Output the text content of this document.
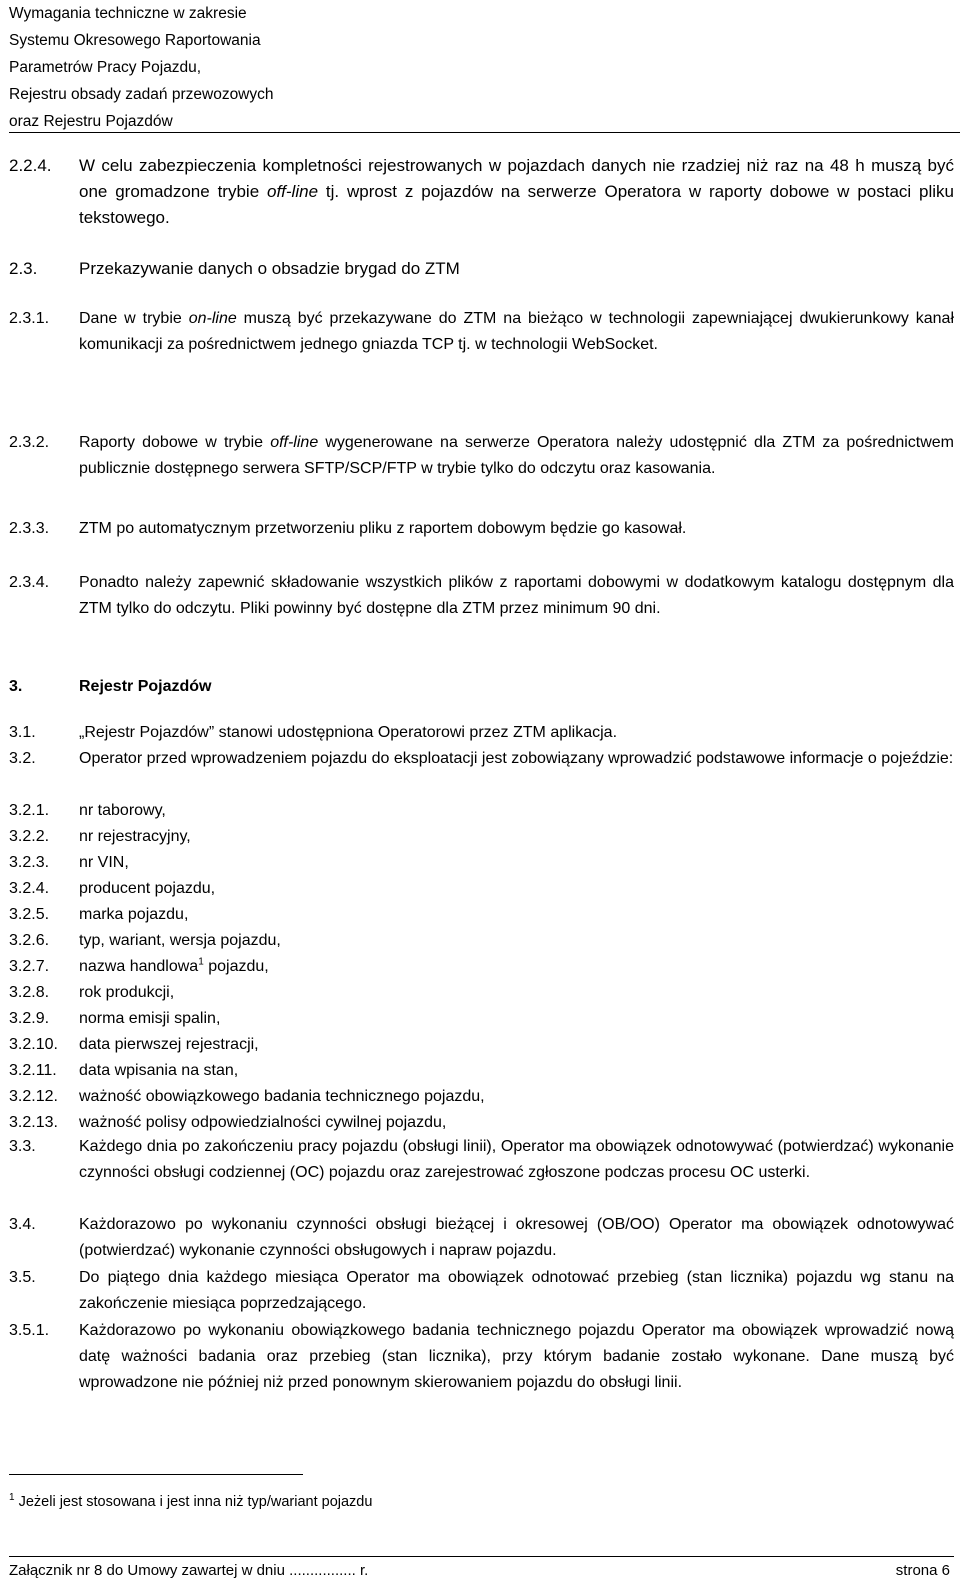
Wymagania techniczne w zakresie
Systemu Okresowego Raportowania
Parametrów Pracy Pojazdu,
Rejestru obsady zadań przewozowych
oraz Rejestru Pojazdów
2.2.4. W celu zabezpieczenia kompletności rejestrowanych w pojazdach danych nie rzadziej niż raz na 48 h muszą być one gromadzone trybie off-line tj. wprost z pojazdów na serwerze Operatora w raporty dobowe w postaci pliku tekstowego.
2.3. Przekazywanie danych o obsadzie brygad do ZTM
2.3.1. Dane w trybie on-line muszą być przekazywane do ZTM na bieżąco w technologii zapewniającej dwukierunkowy kanał komunikacji za pośrednictwem jednego gniazda TCP tj. w technologii WebSocket.
2.3.2. Raporty dobowe w trybie off-line wygenerowane na serwerze Operatora należy udostępnić dla ZTM za pośrednictwem publicznie dostępnego serwera SFTP/SCP/FTP w trybie tylko do odczytu oraz kasowania.
2.3.3. ZTM po automatycznym przetworzeniu pliku z raportem dobowym będzie go kasował.
2.3.4. Ponadto należy zapewnić składowanie wszystkich plików z raportami dobowymi w dodatkowym katalogu dostępnym dla ZTM tylko do odczytu. Pliki powinny być dostępne dla ZTM przez minimum 90 dni.
3.	Rejestr Pojazdów
3.1.	„Rejestr Pojazdów” stanowi udostępniona Operatorowi przez ZTM aplikacja.
3.2.	Operator przed wprowadzeniem pojazdu do eksploatacji jest zobowiązany wprowadzić podstawowe informacje o pojeździe:
3.2.1. nr taborowy,
3.2.2. nr rejestracyjny,
3.2.3. nr VIN,
3.2.4. producent pojazdu,
3.2.5. marka pojazdu,
3.2.6. typ, wariant, wersja pojazdu,
3.2.7. nazwa handlowa$^1$ pojazdu,
3.2.8. rok produkcji,
3.2.9. norma emisji spalin,
3.2.10. data pierwszej rejestracji,
3.2.11. data wpisania na stan,
3.2.12. ważność obowiązkowego badania technicznego pojazdu,
3.2.13. ważność polisy odpowiedzialności cywilnej pojazdu,
3.3.	Każdego dnia po zakończeniu pracy pojazdu (obsługi linii), Operator ma obowiązek odnotowywać (potwierdzać) wykonanie czynności obsługi codziennej (OC) pojazdu oraz zarejestrować zgłoszone podczas procesu OC usterki.
3.4.	Każdorazowo po wykonaniu czynności obsługi bieżącej i okresowej (OB/OO) Operator ma obowiązek odnotowywać (potwierdzać) wykonanie czynności obsługowych i napraw pojazdu.
3.5.	Do piątego dnia każdego miesiąca Operator ma obowiązek odnotować przebieg (stan licznika) pojazdu wg stanu na zakończenie miesiąca poprzedzającego.
3.5.1. Każdorazowo po wykonaniu obowiązkowego badania technicznego pojazdu Operator ma obowiązek wprowadzić nową datę ważności badania oraz przebieg (stan licznika), przy którym badanie zostało wykonane. Dane muszą być wprowadzone nie później niż przed ponownym skierowaniem pojazdu do obsługi linii.
$^1$ Jeżeli jest stosowana i jest inna niż typ/wariant pojazdu
Załącznik nr 8 do Umowy zawartej w dniu ................ r.	strona 6
